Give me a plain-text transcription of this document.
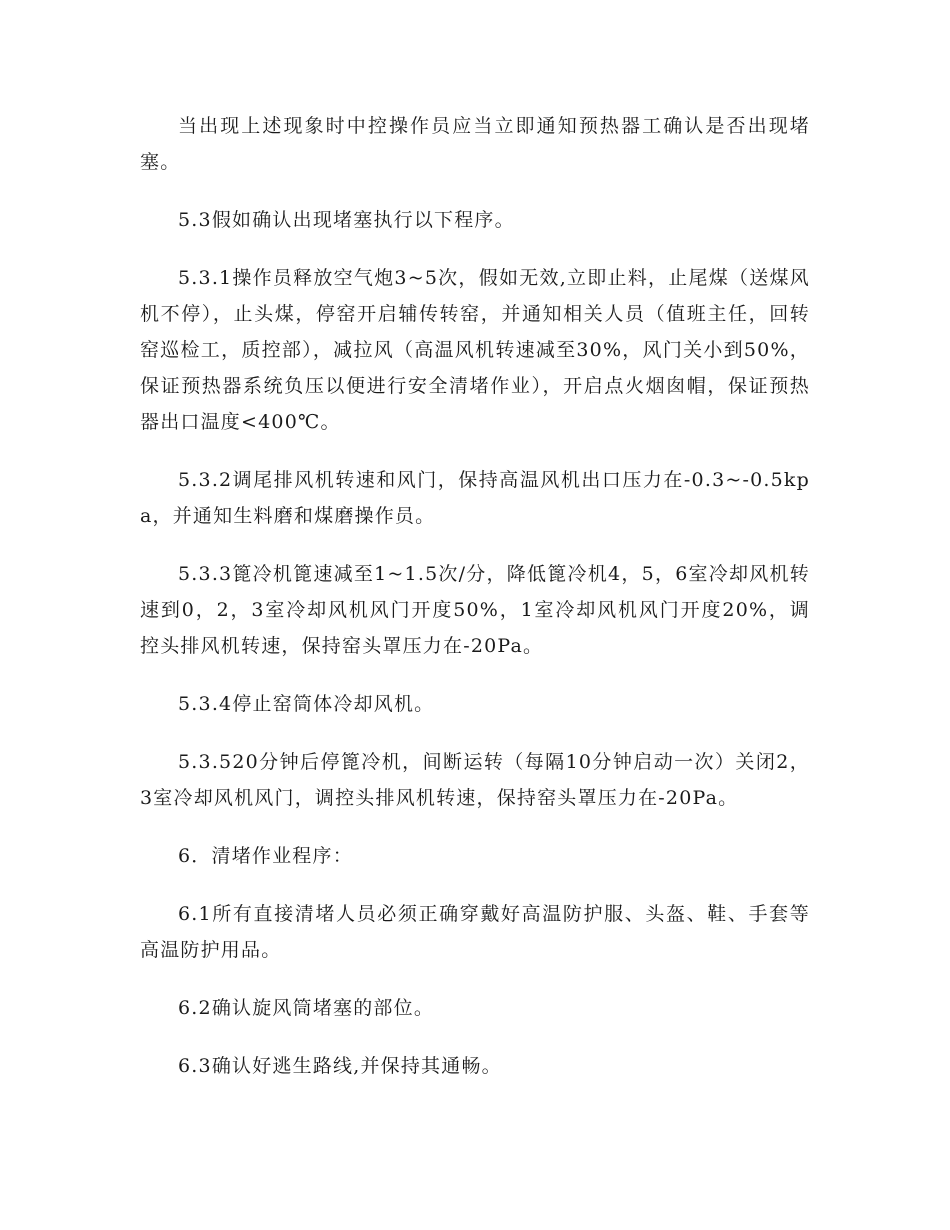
当出现上述现象时中控操作员应当立即通知预热器工确认是否出现堵塞。

5.3假如确认出现堵塞执行以下程序。

5.3.1操作员释放空气炮3~5次，假如无效,立即止料，止尾煤（送煤风机不停），止头煤，停窑开启辅传转窑，并通知相关人员（值班主任，回转窑巡检工，质控部），减拉风（高温风机转速减至30%，风门关小到50%，保证预热器系统负压以便进行安全清堵作业），开启点火烟囱帽，保证预热器出口温度<400℃。

5.3.2调尾排风机转速和风门，保持高温风机出口压力在-0.3~-0.5kpa，并通知生料磨和煤磨操作员。

5.3.3篦冷机篦速减至1~1.5次/分，降低篦冷机4，5，6室冷却风机转速到0，2，3室冷却风机风门开度50%，1室冷却风机风门开度20%，调控头排风机转速，保持窑头罩压力在-20Pa。

5.3.4停止窑筒体冷却风机。

5.3.520分钟后停篦冷机，间断运转（每隔10分钟启动一次）关闭2，3室冷却风机风门，调控头排风机转速，保持窑头罩压力在-20Pa。

6．清堵作业程序：

6.1所有直接清堵人员必须正确穿戴好高温防护服、头盔、鞋、手套等高温防护用品。

6.2确认旋风筒堵塞的部位。

6.3确认好逃生路线,并保持其通畅。
